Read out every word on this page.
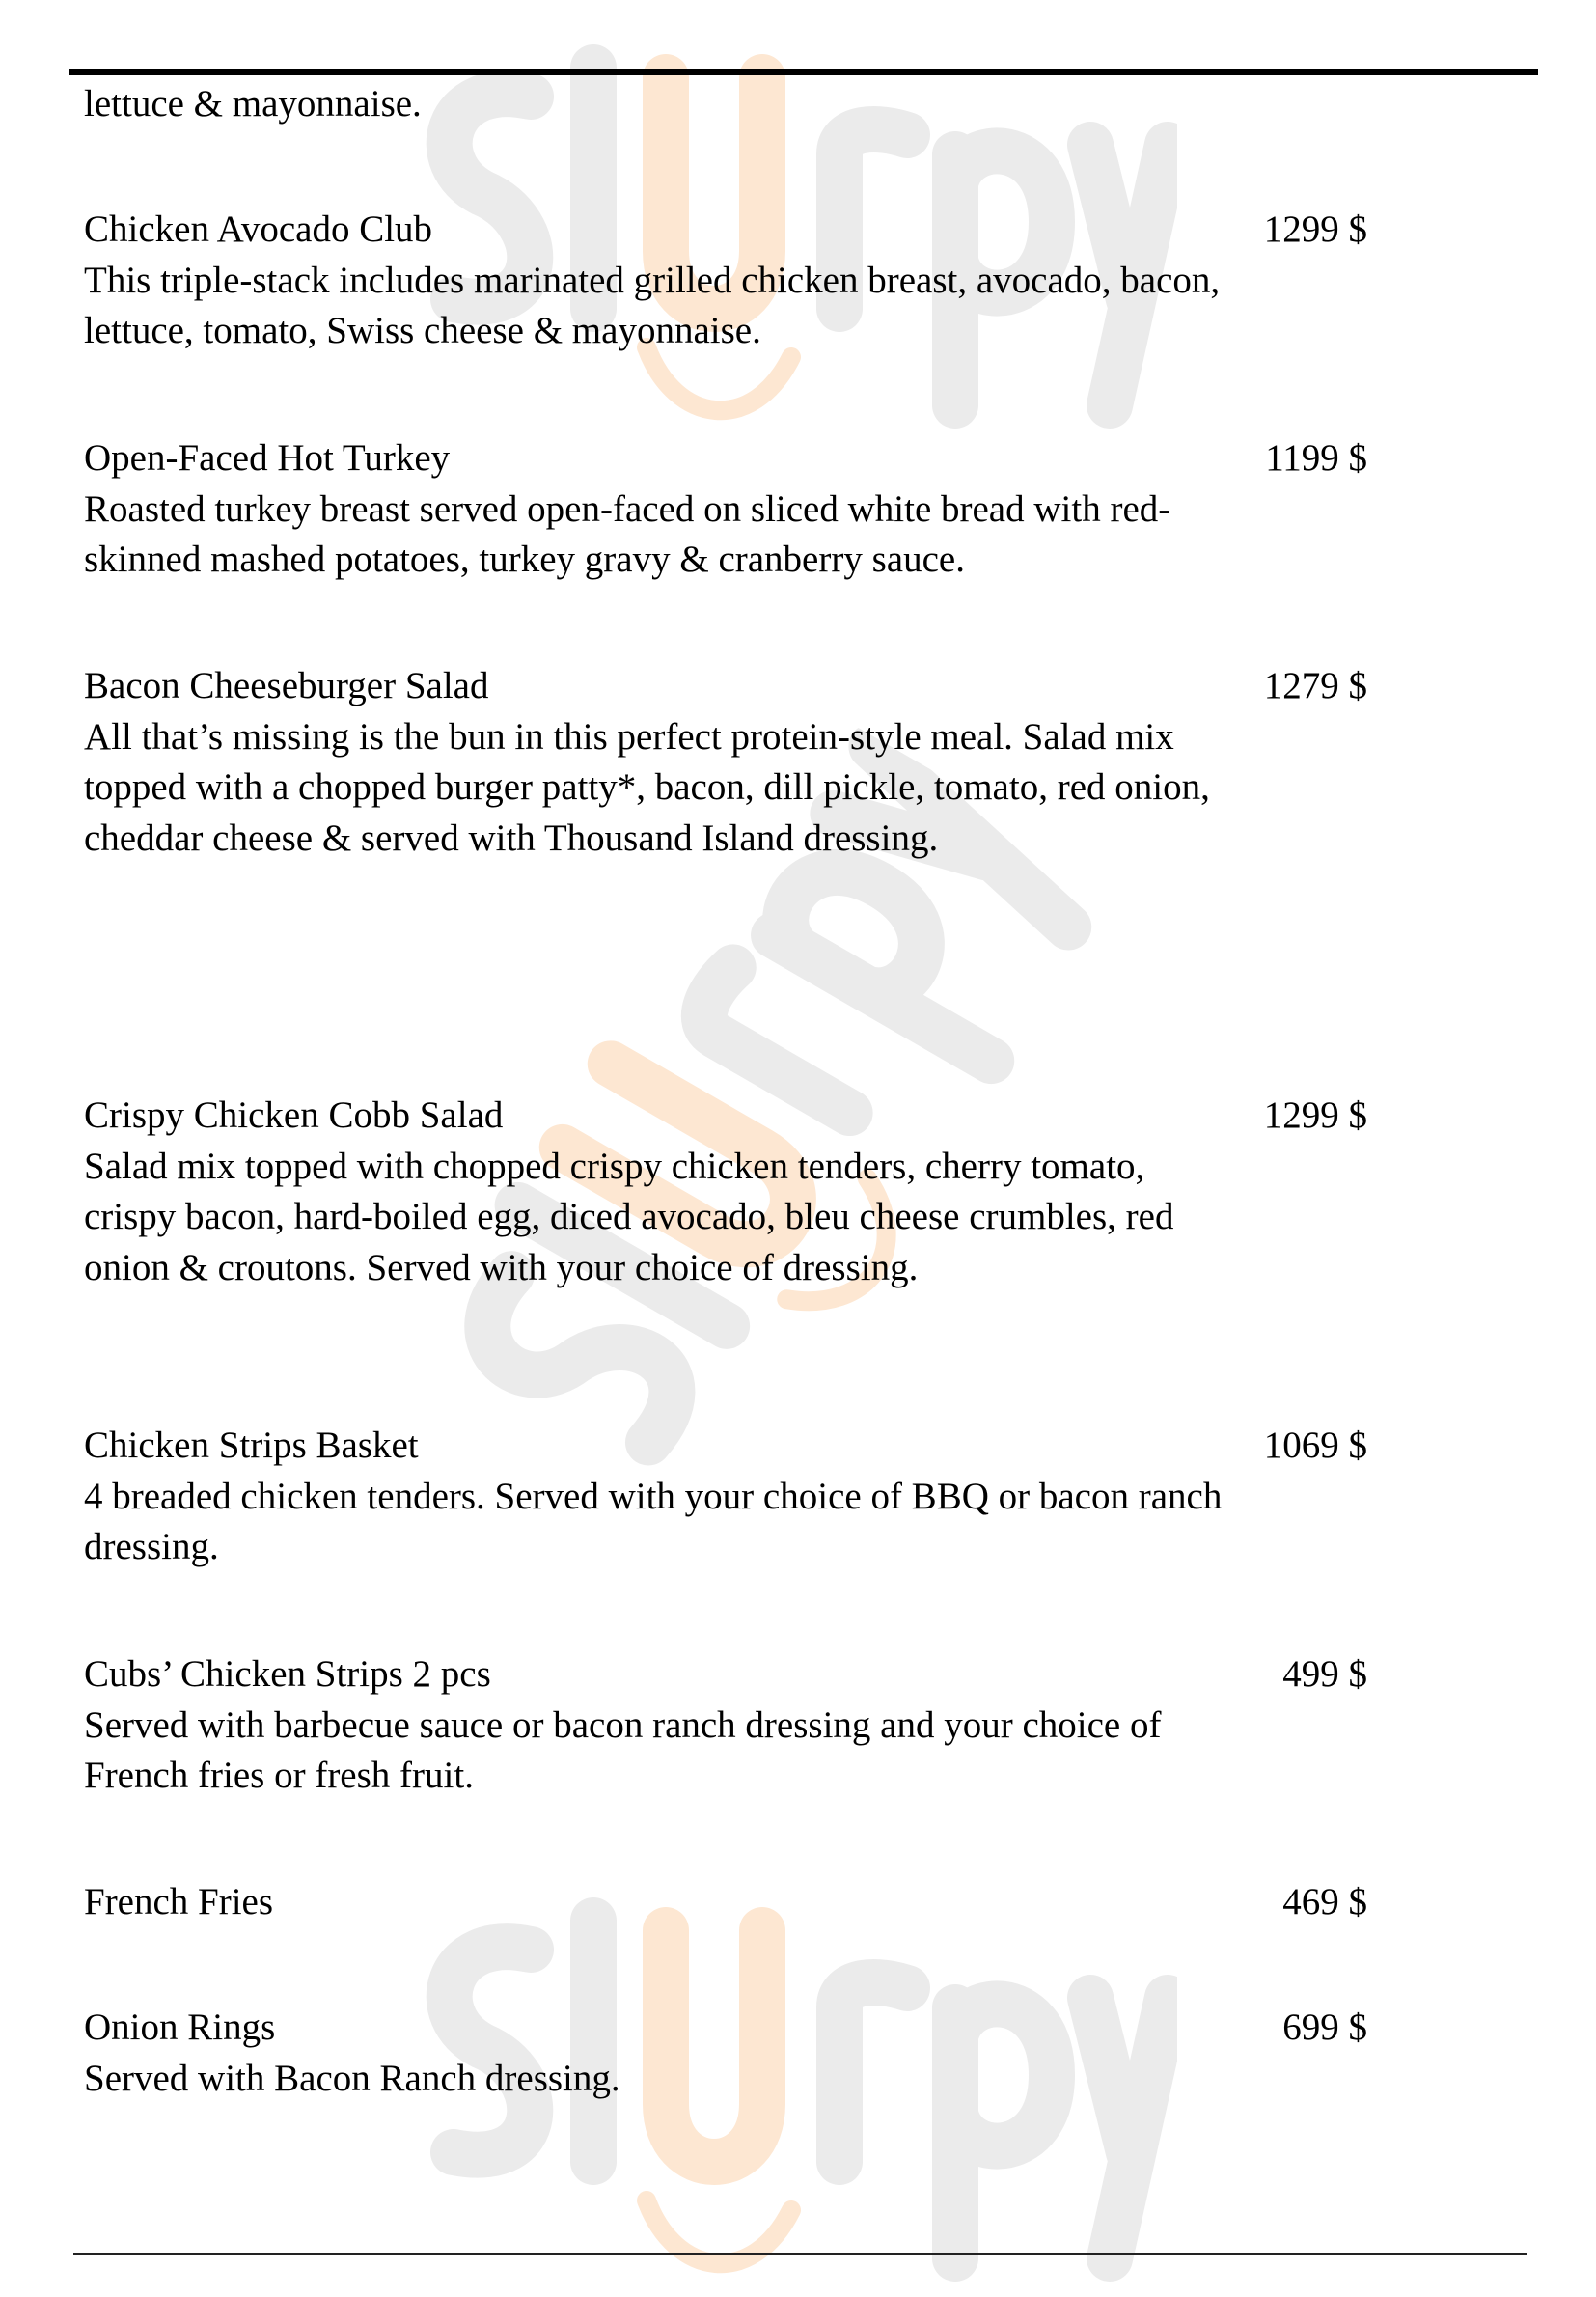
lettuce & mayonnaise.
Chicken Avocado Club	1299 $
This triple-stack includes marinated grilled chicken breast, avocado, bacon, lettuce, tomato, Swiss cheese & mayonnaise.
Open-Faced Hot Turkey	1199 $
Roasted turkey breast served open-faced on sliced white bread with red-skinned mashed potatoes, turkey gravy & cranberry sauce.
Bacon Cheeseburger Salad	1279 $
All that’s missing is the bun in this perfect protein-style meal. Salad mix topped with a chopped burger patty*, bacon, dill pickle, tomato, red onion, cheddar cheese & served with Thousand Island dressing.
Crispy Chicken Cobb Salad	1299 $
Salad mix topped with chopped crispy chicken tenders, cherry tomato, crispy bacon, hard-boiled egg, diced avocado, bleu cheese crumbles, red onion & croutons. Served with your choice of dressing.
Chicken Strips Basket	1069 $
4 breaded chicken tenders. Served with your choice of BBQ or bacon ranch dressing.
Cubs’ Chicken Strips 2 pcs	499 $
Served with barbecue sauce or bacon ranch dressing and your choice of French fries or fresh fruit.
French Fries	469 $
Onion Rings	699 $
Served with Bacon Ranch dressing.
